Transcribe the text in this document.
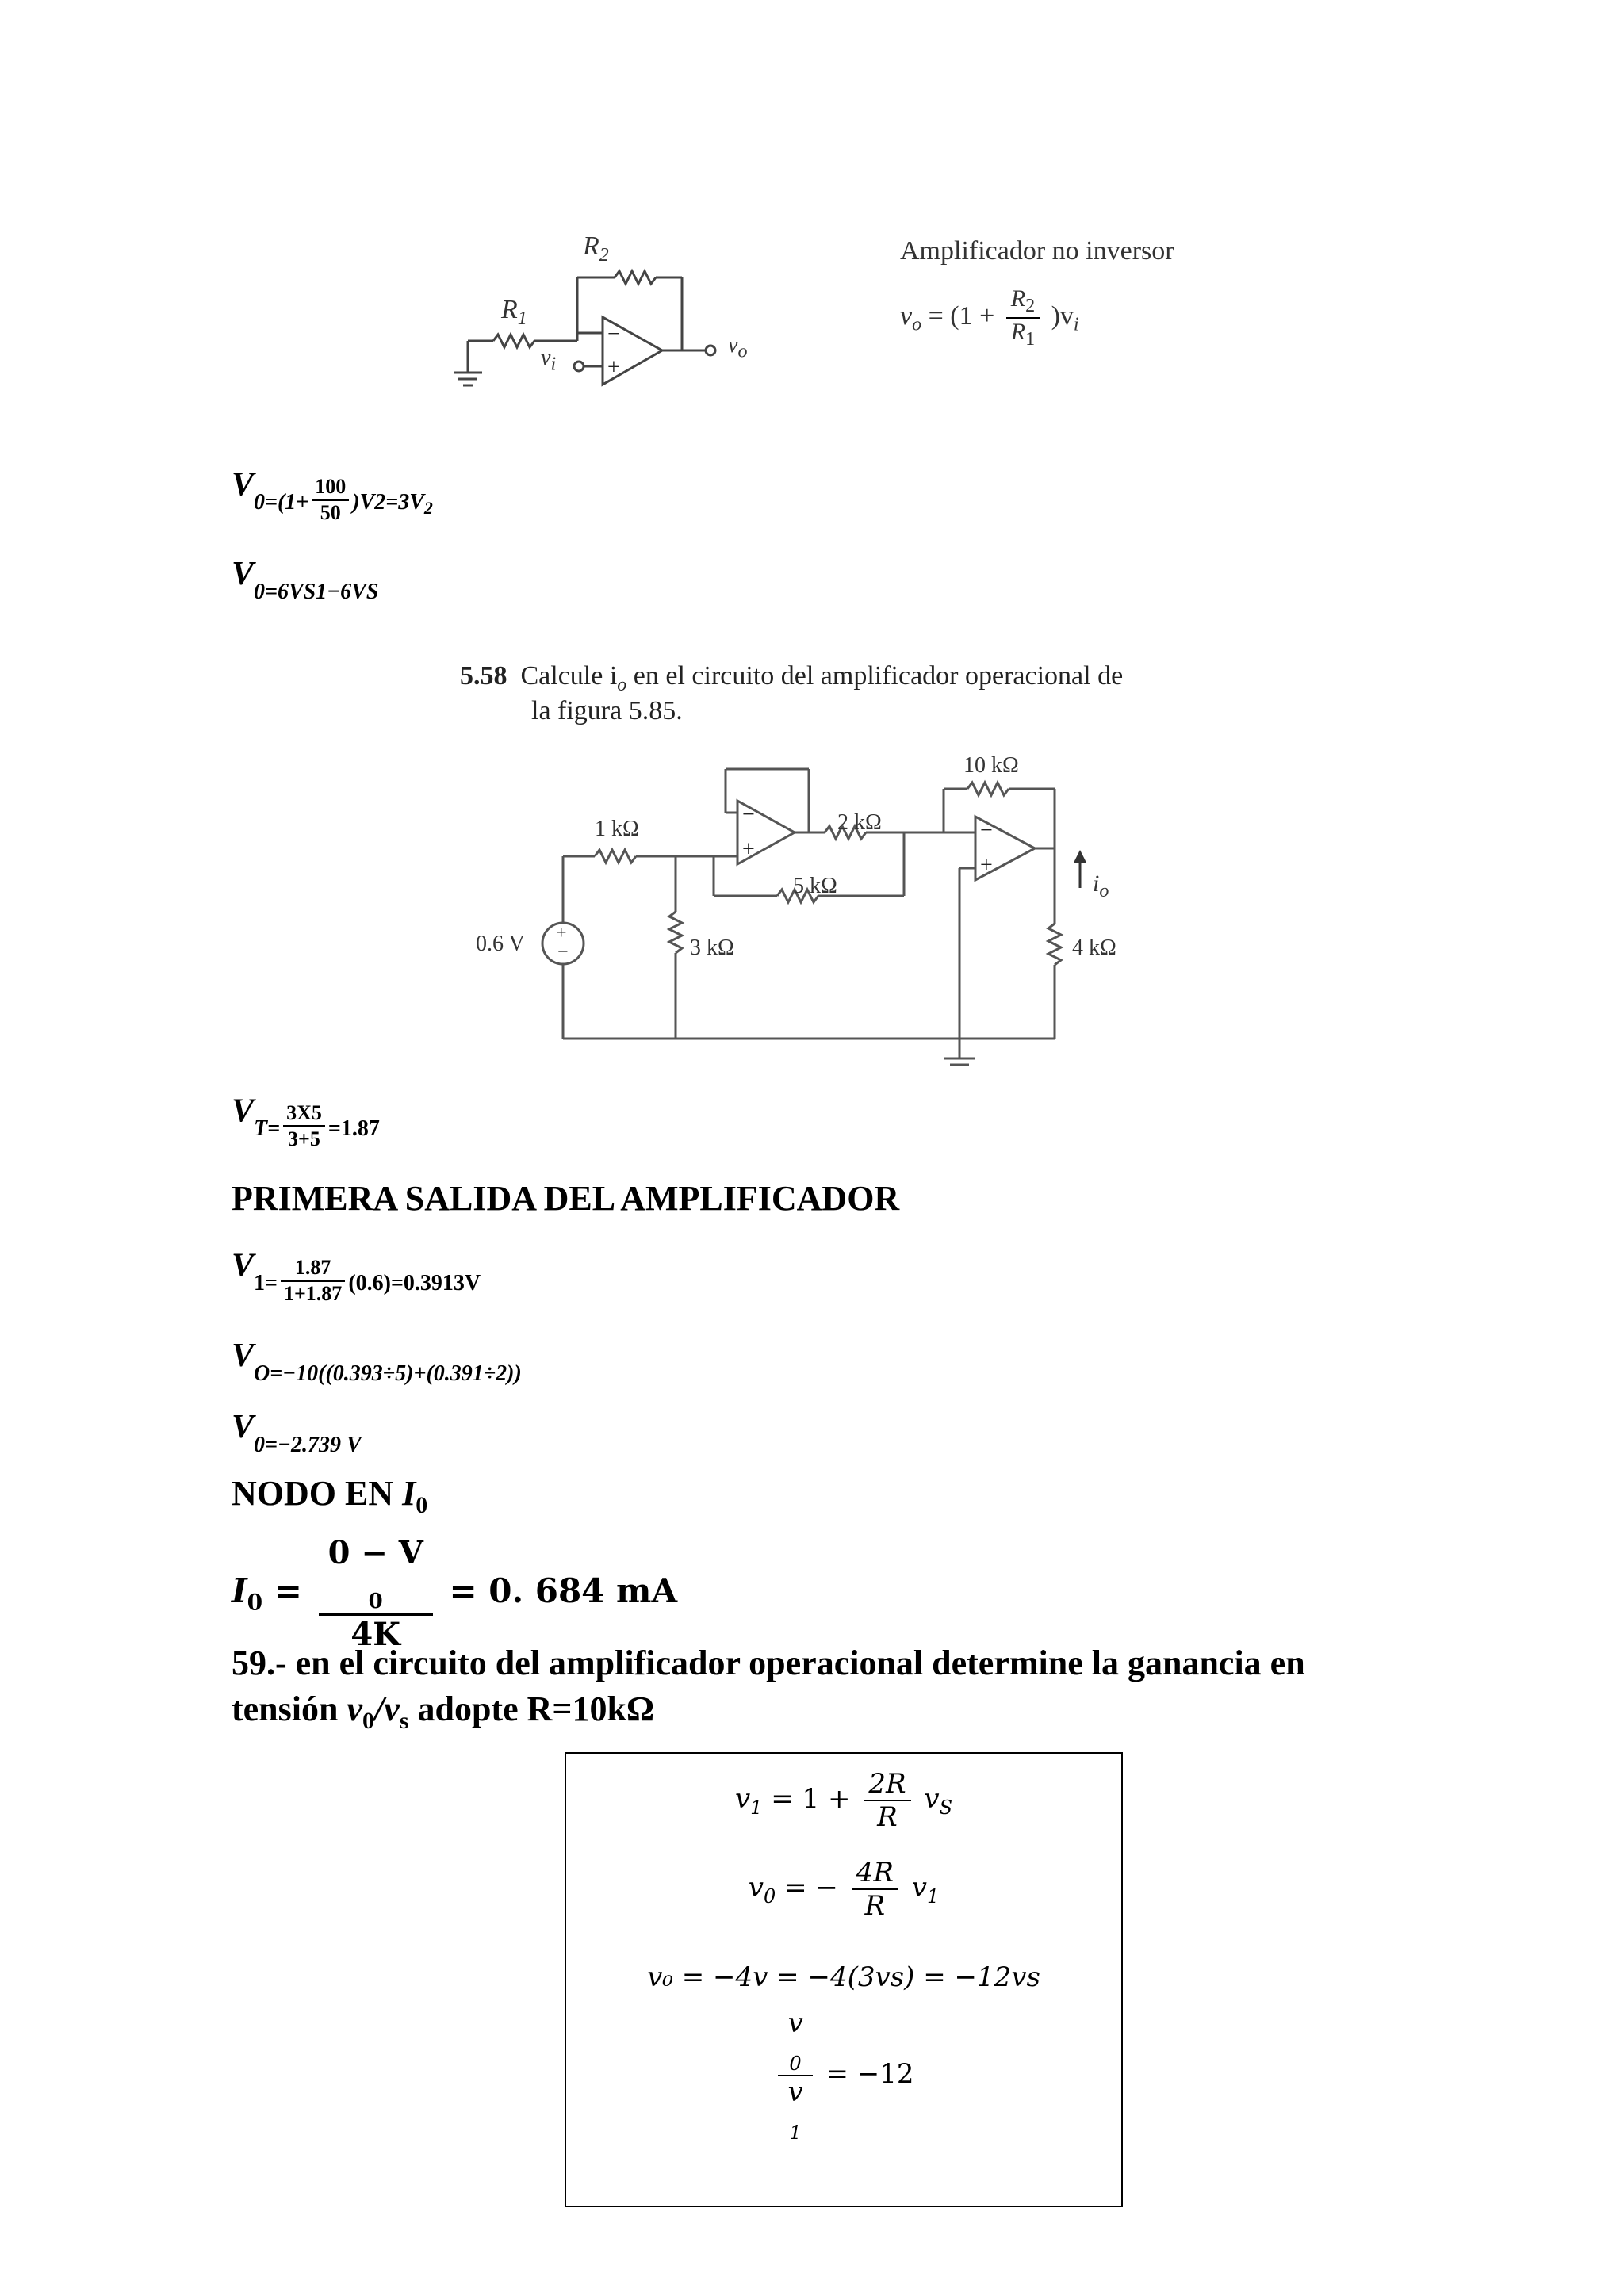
−
+
$R_2$
$R_1$
$v_i$
$v_o$
Amplificador no inversor
$v_o = (1 + \frac{R_2}{R_1} )v_i$
$V_{0=(1+} \frac{100}{50} _{)V2=3V2}$
$V_{0=6VS1-6VS}$
5.58 Calcule $i_o$ en el circuito del amplificador operacional de
la figura 5.85.
+
−
−
+
−
+
10 kΩ
1 kΩ	2 kΩ
5 kΩ
3 kΩ	4 kΩ
0.6 V
$i_o$
$V_{T=} \frac{3X5}{3+5} _{=1.87}$
PRIMERA SALIDA DEL AMPLIFICADOR
$V_{1=} \frac{1.87}{1+1.87} _{(0.6)=0.3913V}$
$V_{O=-10((0.393\div 5)+(0.391\div 2))}$
$V_{0=-2.739 V}$
NODO EN $I_0$
$I_0 = 0 - V$
$_0$
4K = 0. 684 mA
59.- en el circuito del amplificador operacional determine la ganancia en
tensión $v_0/v_s$ adopte R=10kΩ
$v_1 = 1 + \frac{2R}{R} v_S$
$v_0$ = − $\frac{4R}{R} v_1$
v₀ = −4v = −4(3vs) = −12vs
v
$_0$
v
$_1$ = −12
